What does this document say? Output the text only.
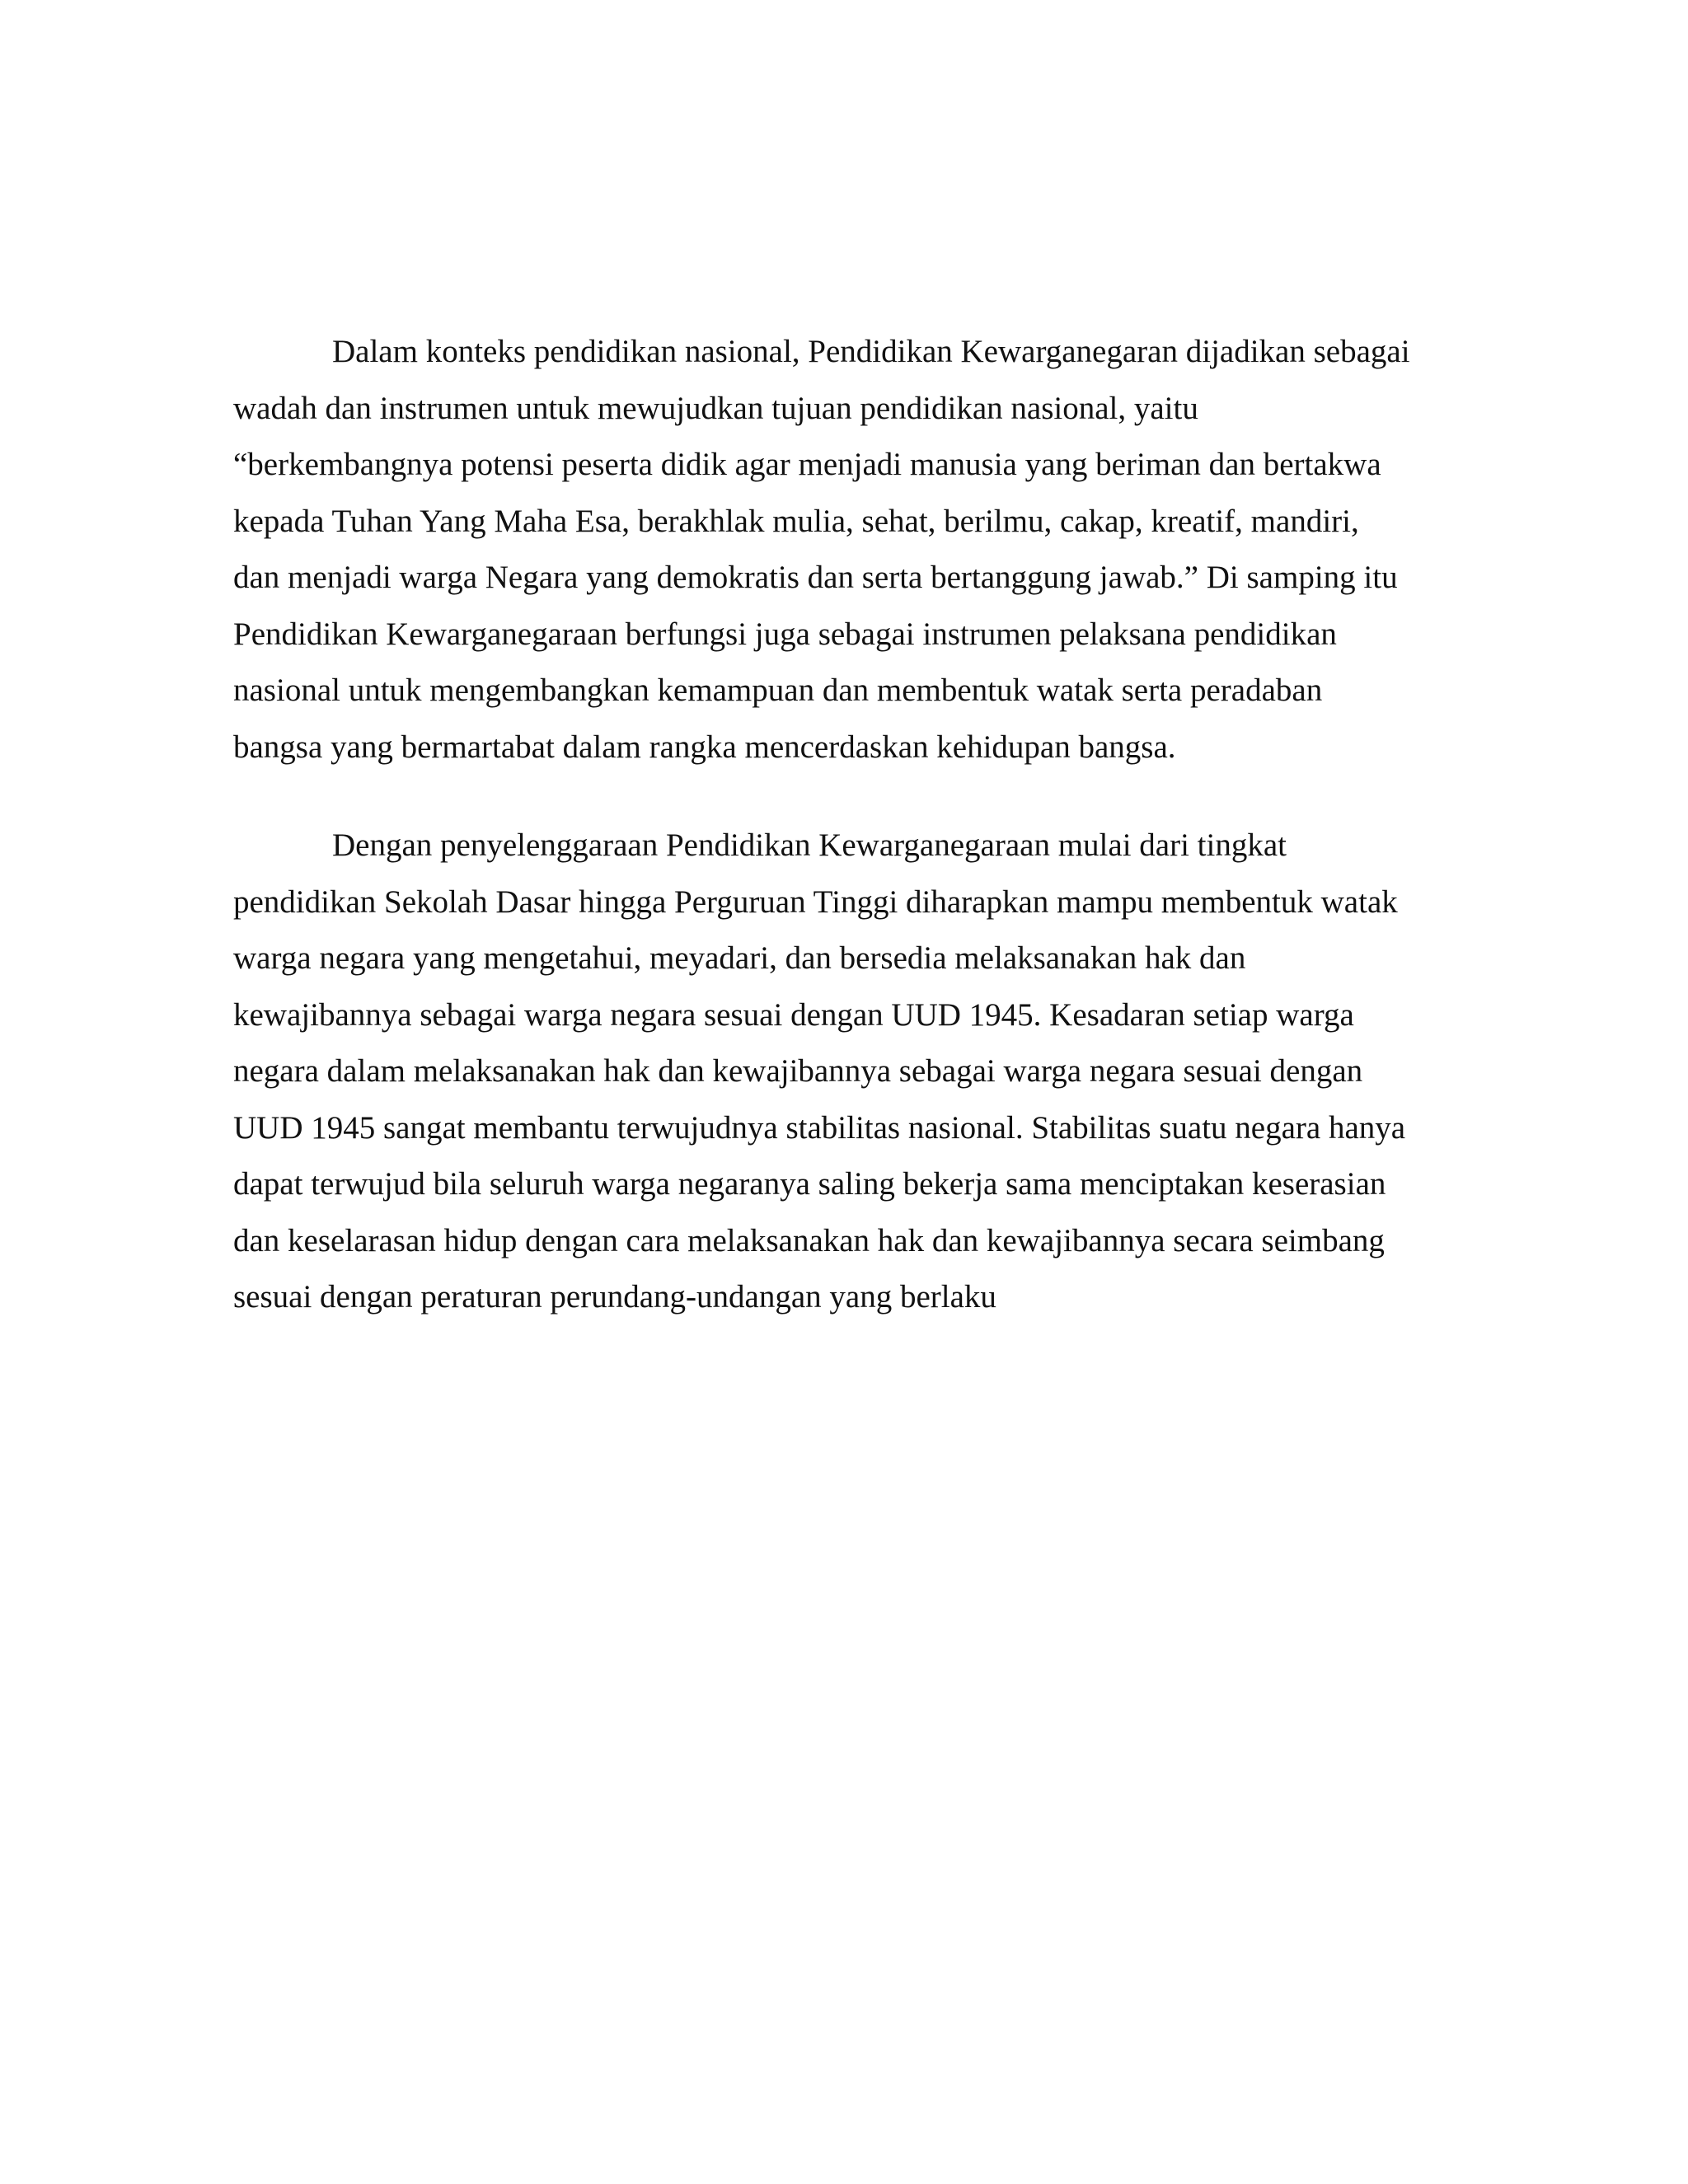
Dalam konteks pendidikan nasional, Pendidikan Kewarganegaran dijadikan sebagai
wadah dan instrumen untuk mewujudkan tujuan pendidikan nasional, yaitu
“berkembangnya potensi peserta didik agar menjadi manusia yang beriman dan bertakwa
kepada Tuhan Yang Maha Esa, berakhlak mulia, sehat, berilmu, cakap, kreatif, mandiri,
dan menjadi warga Negara yang demokratis dan serta bertanggung jawab.” Di samping itu
Pendidikan Kewarganegaraan berfungsi juga sebagai instrumen pelaksana pendidikan
nasional untuk mengembangkan kemampuan dan membentuk watak serta peradaban
bangsa yang bermartabat dalam rangka mencerdaskan kehidupan bangsa.

Dengan penyelenggaraan Pendidikan Kewarganegaraan mulai dari tingkat
pendidikan Sekolah Dasar hingga Perguruan Tinggi diharapkan mampu membentuk watak
warga negara yang mengetahui, meyadari, dan bersedia melaksanakan hak dan
kewajibannya sebagai warga negara sesuai dengan UUD 1945. Kesadaran setiap warga
negara dalam melaksanakan hak dan kewajibannya sebagai warga negara sesuai dengan
UUD 1945 sangat membantu terwujudnya stabilitas nasional. Stabilitas suatu negara hanya
dapat terwujud bila seluruh warga negaranya saling bekerja sama menciptakan keserasian
dan keselarasan hidup dengan cara melaksanakan hak dan kewajibannya secara seimbang
sesuai dengan peraturan perundang-undangan yang berlaku
